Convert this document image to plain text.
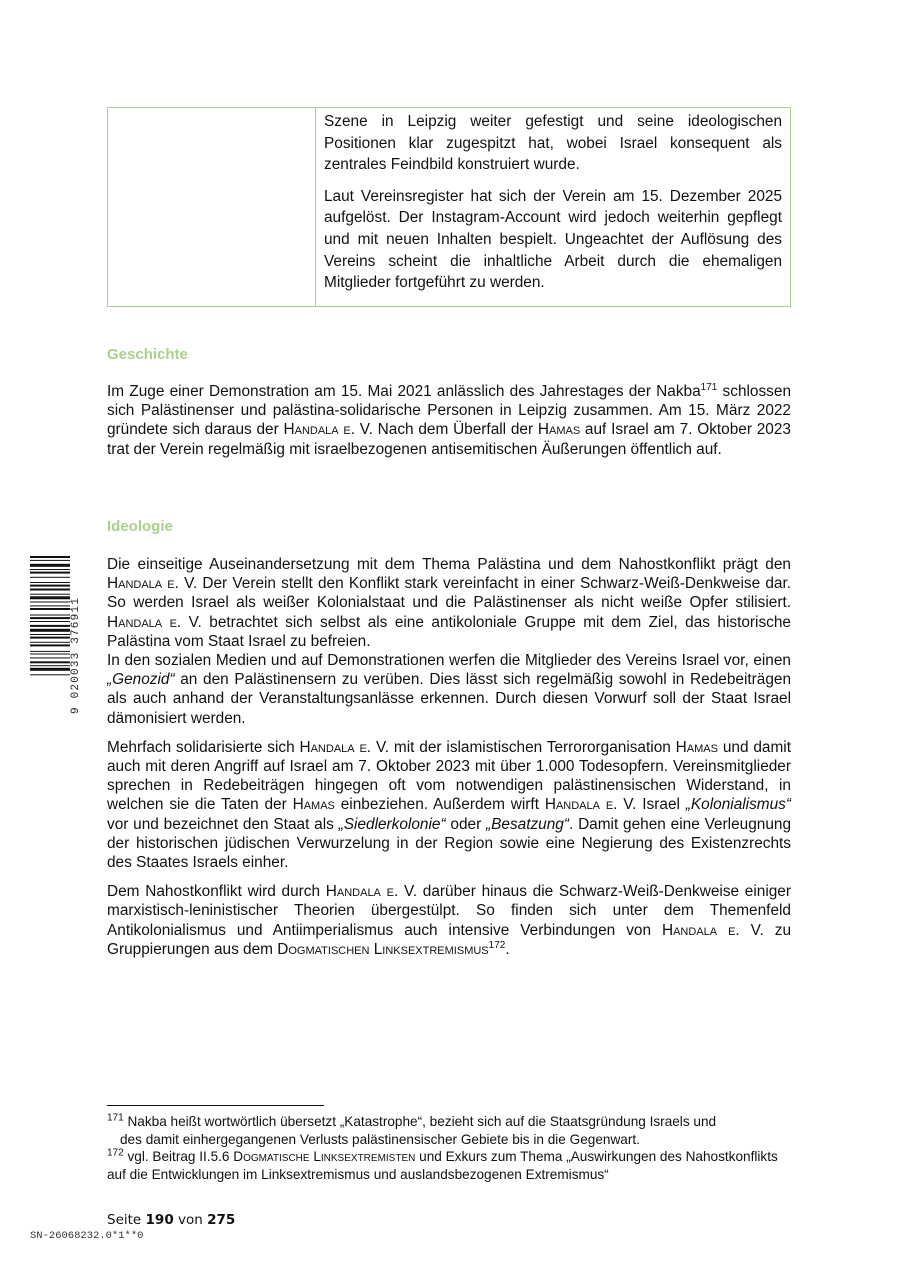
Szene in Leipzig weiter gefestigt und seine ideologischen Positionen klar zugespitzt hat, wobei Israel konsequent als zentrales Feindbild konstruiert wurde.

Laut Vereinsregister hat sich der Verein am 15. Dezember 2025 aufgelöst. Der Instagram-Account wird jedoch weiterhin gepflegt und mit neuen Inhalten bespielt. Ungeachtet der Auflösung des Vereins scheint die inhaltliche Arbeit durch die ehemaligen Mitglieder fortgeführt zu werden.

Geschichte

Im Zuge einer Demonstration am 15. Mai 2021 anlässlich des Jahrestages der Nakba$^{171}$ schlossen sich Palästinenser und palästina-solidarische Personen in Leipzig zusammen. Am 15. März 2022 gründete sich daraus der Handala e. V. Nach dem Überfall der Hamas auf Israel am 7. Oktober 2023 trat der Verein regelmäßig mit israelbezogenen antisemitischen Äußerungen öffentlich auf.

Ideologie

Die einseitige Auseinandersetzung mit dem Thema Palästina und dem Nahostkonflikt prägt den Handala e. V. Der Verein stellt den Konflikt stark vereinfacht in einer Schwarz-Weiß-Denkweise dar. So werden Israel als weißer Kolonialstaat und die Palästinenser als nicht weiße Opfer stilisiert. Handala e. V. betrachtet sich selbst als eine antikoloniale Gruppe mit dem Ziel, das historische Palästina vom Staat Israel zu befreien.

In den sozialen Medien und auf Demonstrationen werfen die Mitglieder des Vereins Israel vor, einen „Genozid“ an den Palästinensern zu verüben. Dies lässt sich regelmäßig sowohl in Redebeiträgen als auch anhand der Veranstaltungsanlässe erkennen. Durch diesen Vorwurf soll der Staat Israel dämonisiert werden.

Mehrfach solidarisierte sich Handala e. V. mit der islamistischen Terrororganisation Hamas und damit auch mit deren Angriff auf Israel am 7. Oktober 2023 mit über 1.000 Todesopfern. Vereinsmitglieder sprechen in Redebeiträgen hingegen oft vom notwendigen palästinensischen Widerstand, in welchen sie die Taten der Hamas einbeziehen. Außerdem wirft Handala e. V. Israel „Kolonialismus“ vor und bezeichnet den Staat als „Siedlerkolonie“ oder „Besatzung“. Damit gehen eine Verleugnung der historischen jüdischen Verwurzelung in der Region sowie eine Negierung des Existenzrechts des Staates Israels einher.

Dem Nahostkonflikt wird durch Handala e. V. darüber hinaus die Schwarz-Weiß-Denkweise einiger marxistisch-leninistischer Theorien übergestülpt. So finden sich unter dem Themenfeld Antikolonialismus und Antiimperialismus auch intensive Verbindungen von Handala e. V. zu Gruppierungen aus dem Dogmatischen Linksextremismus$^{172}$.

9 020033 376911

$^{171}$ Nakba heißt wortwörtlich übersetzt „Katastrophe“, bezieht sich auf die Staatsgründung Israels und
des damit einhergegangenen Verlusts palästinensischer Gebiete bis in die Gegenwart.

$^{172}$ vgl. Beitrag II.5.6 Dogmatische Linksextremisten und Exkurs zum Thema „Auswirkungen des Nahostkonflikts auf die Entwicklungen im Linksextremismus und auslandsbezogenen Extremismus“

Seite 190 von 275
SN-26068232.0*1**0
